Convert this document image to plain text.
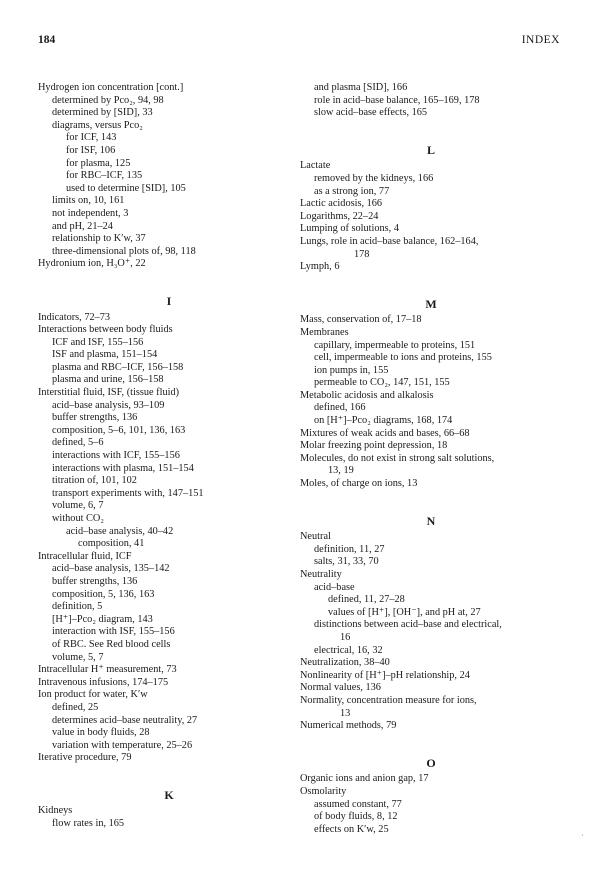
184	INDEX
Hydrogen ion concentration [cont.]
determined by Pco₂, 94, 98
determined by [SID], 33
diagrams, versus Pco₂
for ICF, 143
for ISF, 106
for plasma, 125
for RBC–ICF, 135
used to determine [SID], 105
limits on, 10, 161
not independent, 3
and pH, 21–24
relationship to K′w, 37
three-dimensional plots of, 98, 118
Hydronium ion, H₃O⁺, 22
I
Indicators, 72–73
Interactions between body fluids
ICF and ISF, 155–156
ISF and plasma, 151–154
plasma and RBC–ICF, 156–158
plasma and urine, 156–158
Interstitial fluid, ISF, (tissue fluid)
acid–base analysis, 93–109
buffer strengths, 136
composition, 5–6, 101, 136, 163
defined, 5–6
interactions with ICF, 155–156
interactions with plasma, 151–154
titration of, 101, 102
transport experiments with, 147–151
volume, 6, 7
without CO₂
acid–base analysis, 40–42
composition, 41
Intracellular fluid, ICF
acid–base analysis, 135–142
buffer strengths, 136
composition, 5, 136, 163
definition, 5
[H⁺]–Pco₂ diagram, 143
interaction with ISF, 155–156
of RBC. See Red blood cells
volume, 5, 7
Intracellular H⁺ measurement, 73
Intravenous infusions, 174–175
Ion product for water, K′w
defined, 25
determines acid–base neutrality, 27
value in body fluids, 28
variation with temperature, 25–26
Iterative procedure, 79
K
Kidneys
flow rates in, 165
and plasma [SID], 166
role in acid–base balance, 165–169, 178
slow acid–base effects, 165
L
Lactate
removed by the kidneys, 166
as a strong ion, 77
Lactic acidosis, 166
Logarithms, 22–24
Lumping of solutions, 4
Lungs, role in acid–base balance, 162–164,
178
Lymph, 6
M
Mass, conservation of, 17–18
Membranes
capillary, impermeable to proteins, 151
cell, impermeable to ions and proteins, 155
ion pumps in, 155
permeable to CO₂, 147, 151, 155
Metabolic acidosis and alkalosis
defined, 166
on [H⁺]–Pco₂ diagrams, 168, 174
Mixtures of weak acids and bases, 66–68
Molar freezing point depression, 18
Molecules, do not exist in strong salt solutions,
13, 19
Moles, of charge on ions, 13
N
Neutral
definition, 11, 27
salts, 31, 33, 70
Neutrality
acid–base
defined, 11, 27–28
values of [H⁺], [OH⁻], and pH at, 27
distinctions between acid–base and electrical,
16
electrical, 16, 32
Neutralization, 38–40
Nonlinearity of [H⁺]–pH relationship, 24
Normal values, 136
Normality, concentration measure for ions,
13
Numerical methods, 79
O
Organic ions and anion gap, 17
Osmolarity
assumed constant, 77
of body fluids, 8, 12
effects on K′w, 25
·
